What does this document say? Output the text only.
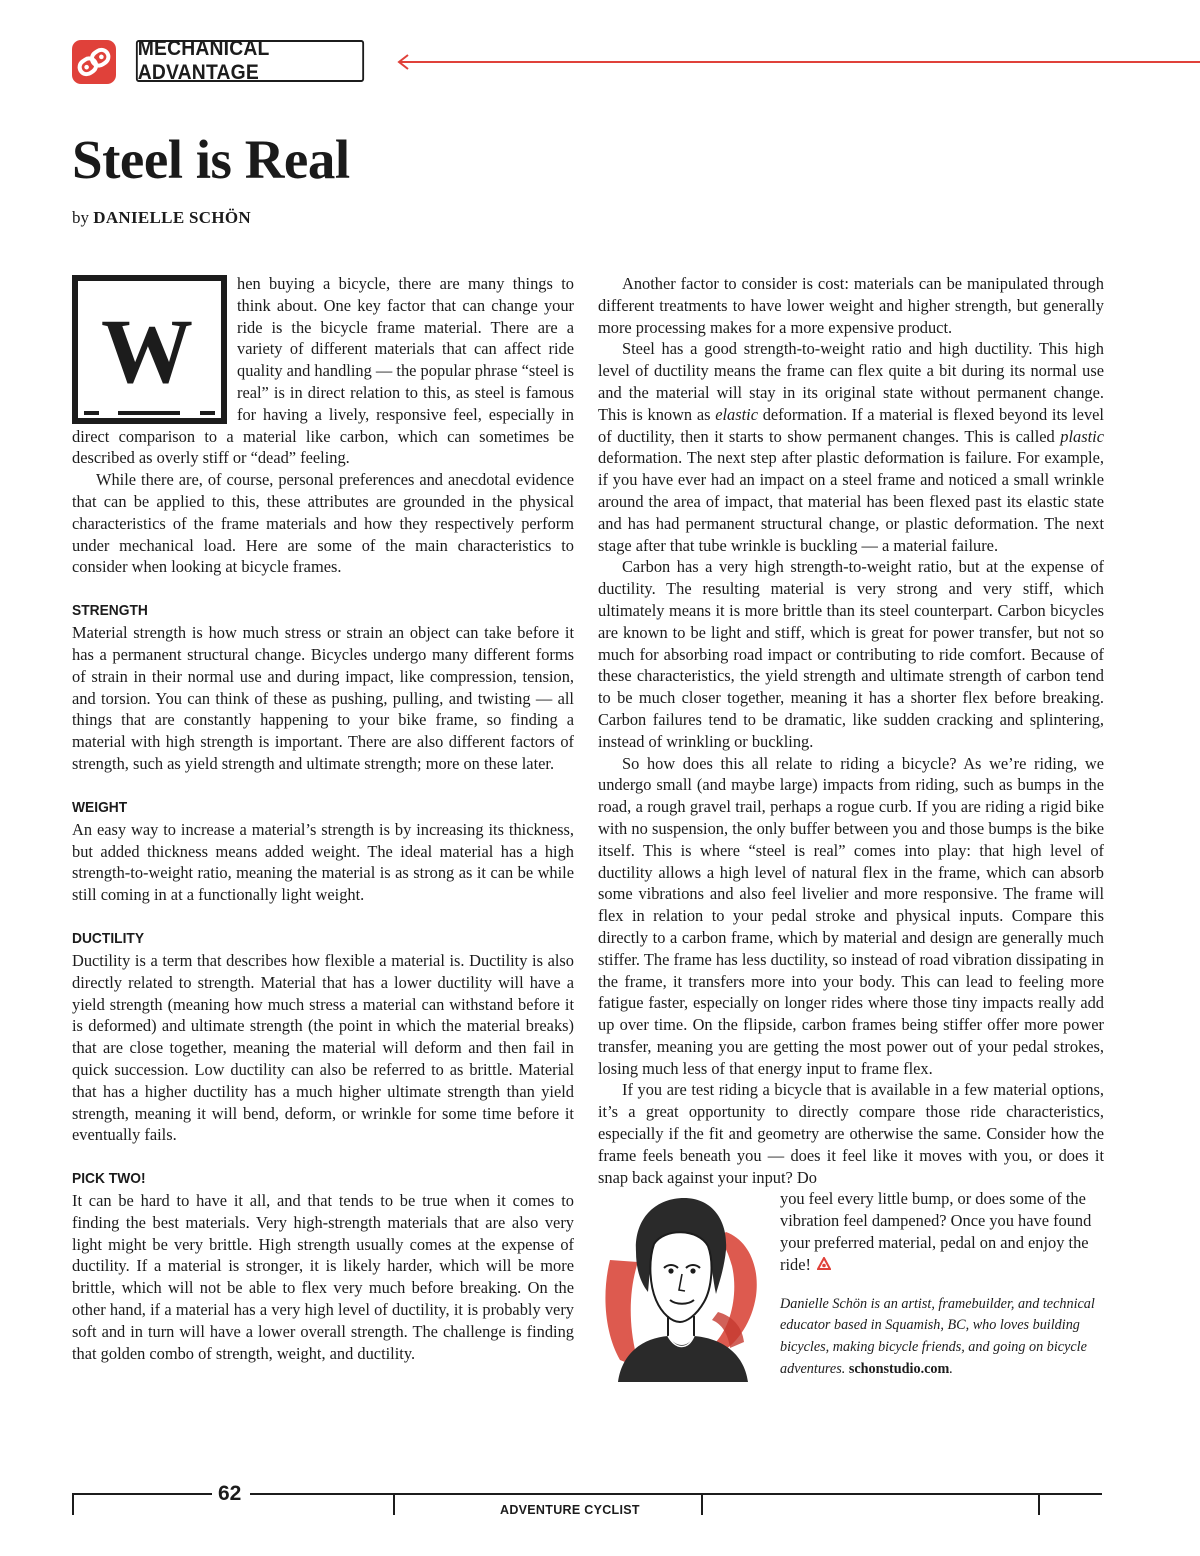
MECHANICAL ADVANTAGE
Steel is Real
by DANIELLE SCHÖN
W

hen buying a bicycle, there are many things to think about. One key factor that can change your ride is the bicycle frame material. There are a variety of different materials that can affect ride quality and handling — the popular phrase “steel is real” is in direct relation to this, as steel is famous for having a lively, responsive feel, especially in direct comparison to a material like carbon, which can sometimes be described as overly stiff or “dead” feeling.

While there are, of course, personal preferences and anecdotal evidence that can be applied to this, these attributes are grounded in the physical characteristics of the frame materials and how they respectively perform under mechanical load. Here are some of the main characteristics to consider when looking at bicycle frames.

STRENGTH

Material strength is how much stress or strain an object can take before it has a permanent structural change. Bicycles undergo many different forms of strain in their normal use and during impact, like compression, tension, and torsion. You can think of these as pushing, pulling, and twisting — all things that are constantly happening to your bike frame, so finding a material with high strength is important. There are also different factors of strength, such as yield strength and ultimate strength; more on these later.

WEIGHT

An easy way to increase a material’s strength is by increasing its thickness, but added thickness means added weight. The ideal material has a high strength-to-weight ratio, meaning the material is as strong as it can be while still coming in at a functionally light weight.

DUCTILITY

Ductility is a term that describes how flexible a material is. Ductility is also directly related to strength. Material that has a lower ductility will have a yield strength (meaning how much stress a material can withstand before it is deformed) and ultimate strength (the point in which the material breaks) that are close together, meaning the material will deform and then fail in quick succession. Low ductility can also be referred to as brittle. Material that has a higher ductility has a much higher ultimate strength than yield strength, meaning it will bend, deform, or wrinkle for some time before it eventually fails.

PICK TWO!

It can be hard to have it all, and that tends to be true when it comes to finding the best materials. Very high-strength materials that are also very light might be very brittle. High strength usually comes at the expense of ductility. If a material is stronger, it is likely harder, which will be more brittle, which will not be able to flex very much before breaking. On the other hand, if a material has a very high level of ductility, it is probably very soft and in turn will have a lower overall strength. The challenge is finding that golden combo of strength, weight, and ductility.

Another factor to consider is cost: materials can be manipulated through different treatments to have lower weight and higher strength, but generally more processing makes for a more expensive product.

Steel has a good strength-to-weight ratio and high ductility. This high level of ductility means the frame can flex quite a bit during its normal use and the material will stay in its original state without permanent change. This is known as elastic deformation. If a material is flexed beyond its level of ductility, then it starts to show permanent changes. This is called plastic deformation. The next step after plastic deformation is failure. For example, if you have ever had an impact on a steel frame and noticed a small wrinkle around the area of impact, that material has been flexed past its elastic state and has had permanent structural change, or plastic deformation. The next stage after that tube wrinkle is buckling — a material failure.

Carbon has a very high strength-to-weight ratio, but at the expense of ductility. The resulting material is very strong and very stiff, which ultimately means it is more brittle than its steel counterpart. Carbon bicycles are known to be light and stiff, which is great for power transfer, but not so much for absorbing road impact or contributing to ride comfort. Because of these characteristics, the yield strength and ultimate strength of carbon tend to be much closer together, meaning it has a shorter flex before breaking. Carbon failures tend to be dramatic, like sudden cracking and splintering, instead of wrinkling or buckling.

So how does this all relate to riding a bicycle? As we’re riding, we undergo small (and maybe large) impacts from riding, such as bumps in the road, a rough gravel trail, perhaps a rogue curb. If you are riding a rigid bike with no suspension, the only buffer between you and those bumps is the bike itself. This is where “steel is real” comes into play: that high level of ductility allows a high level of natural flex in the frame, which can absorb some vibrations and also feel livelier and more responsive. The frame will flex in relation to your pedal stroke and physical inputs. Compare this directly to a carbon frame, which by material and design are generally much stiffer. The frame has less ductility, so instead of road vibration dissipating in the frame, it transfers more into your body. This can lead to feeling more fatigue faster, especially on longer rides where those tiny impacts really add up over time. On the flipside, carbon frames being stiffer offer more power transfer, meaning you are getting the most power out of your pedal strokes, losing much less of that energy input to frame flex.

If you are test riding a bicycle that is available in a few material options, it’s a great opportunity to directly compare those ride characteristics, especially if the fit and geometry are otherwise the same. Consider how the frame feels beneath you — does it feel like it moves with you, or does it snap back against your input? Do

you feel every little bump, or does some of the vibration feel dampened? Once you have found your preferred material, pedal on and enjoy the ride!

Danielle Schön is an artist, framebuilder, and technical educator based in Squamish, BC, who loves building bicycles, making bicycle friends, and going on bicycle adventures. schonstudio.com.

62
ADVENTURE CYCLIST
